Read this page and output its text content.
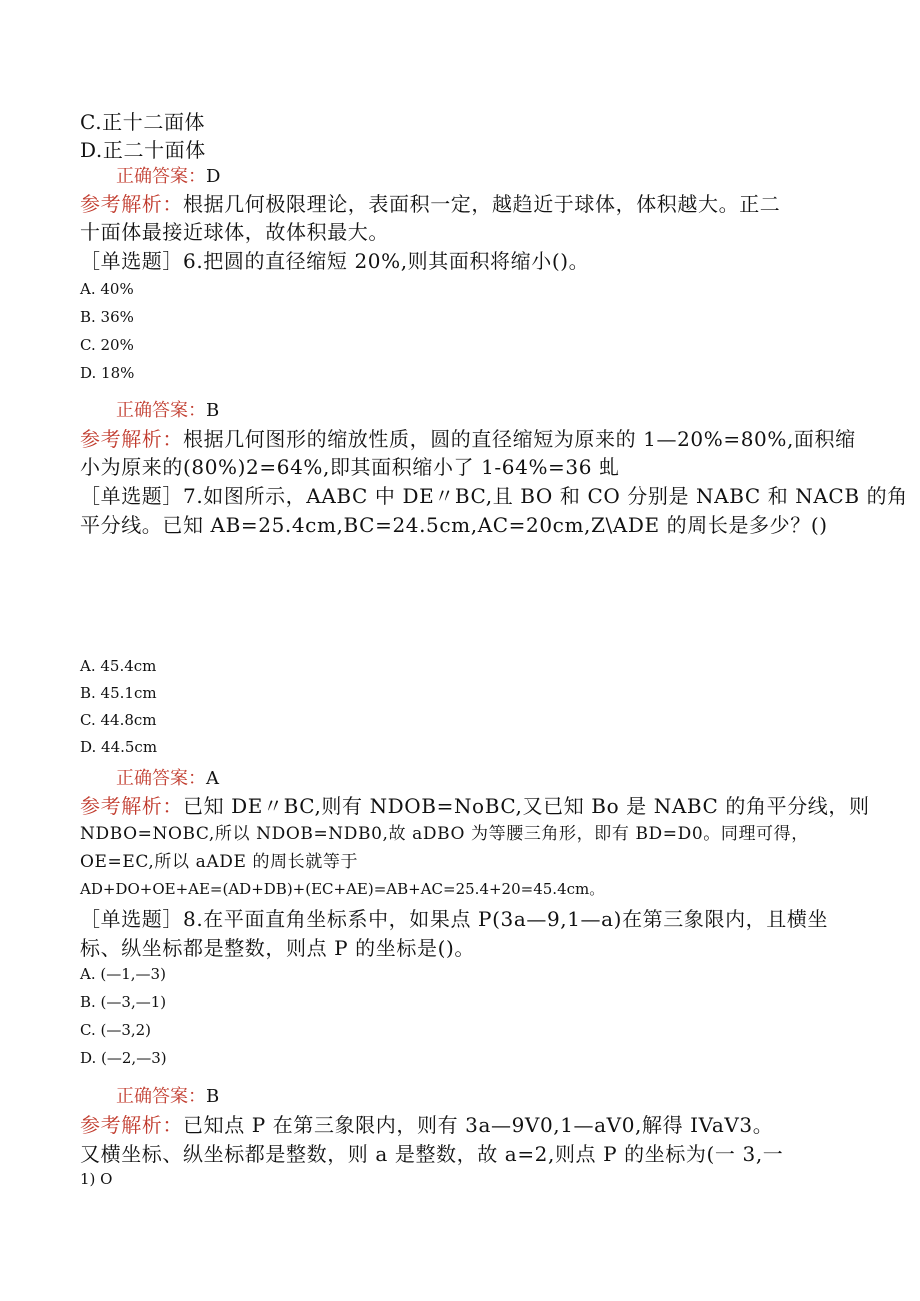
C.正十二面体
D.正二十面体
正确答案：D
参考解析：根据几何极限理论，表面积一定，越趋近于球体，体积越大。正二
十面体最接近球体，故体积最大。
［单选题］6.把圆的直径缩短 20%,则其面积将缩小()。
A. 40%
B. 36%
C. 20%
D. 18%
正确答案：B
参考解析：根据几何图形的缩放性质，圆的直径缩短为原来的 1—20%=80%,面积缩
小为原来的(80%)2=64%,即其面积缩小了 1-64%=36 虬
［单选题］7.如图所示，AABC 中 DE〃BC,且 BO 和 CO 分别是 NABC 和 NACB 的角
平分线。已知 AB=25.4cm,BC=24.5cm,AC=20cm,Z\ADE 的周长是多少？()
A. 45.4cm
B. 45.1cm
C. 44.8cm
D. 44.5cm
正确答案：A
参考解析：已知 DE〃BC,则有 NDOB=NoBC,又已知 Bo 是 NABC 的角平分线，则
NDBO=NOBC,所以 NDOB=NDB0,故 aDBO 为等腰三角形，即有 BD=D0。同理可得，
OE=EC,所以 aADE 的周长就等于
AD+DO+OE+AE=(AD+DB)+(EC+AE)=AB+AC=25.4+20=45.4cm。
［单选题］8.在平面直角坐标系中，如果点 P(3a—9,1—a)在第三象限内，且横坐
标、纵坐标都是整数，则点 P 的坐标是()。
A. (—1,—3)
B. (—3,—1)
C. (—3,2)
D. (—2,—3)
正确答案：B
参考解析：已知点 P 在第三象限内，则有 3a—9V0,1—aV0,解得 IVaV3。
又横坐标、纵坐标都是整数，则 a 是整数，故 a=2,则点 P 的坐标为(一 3,一
1) O
